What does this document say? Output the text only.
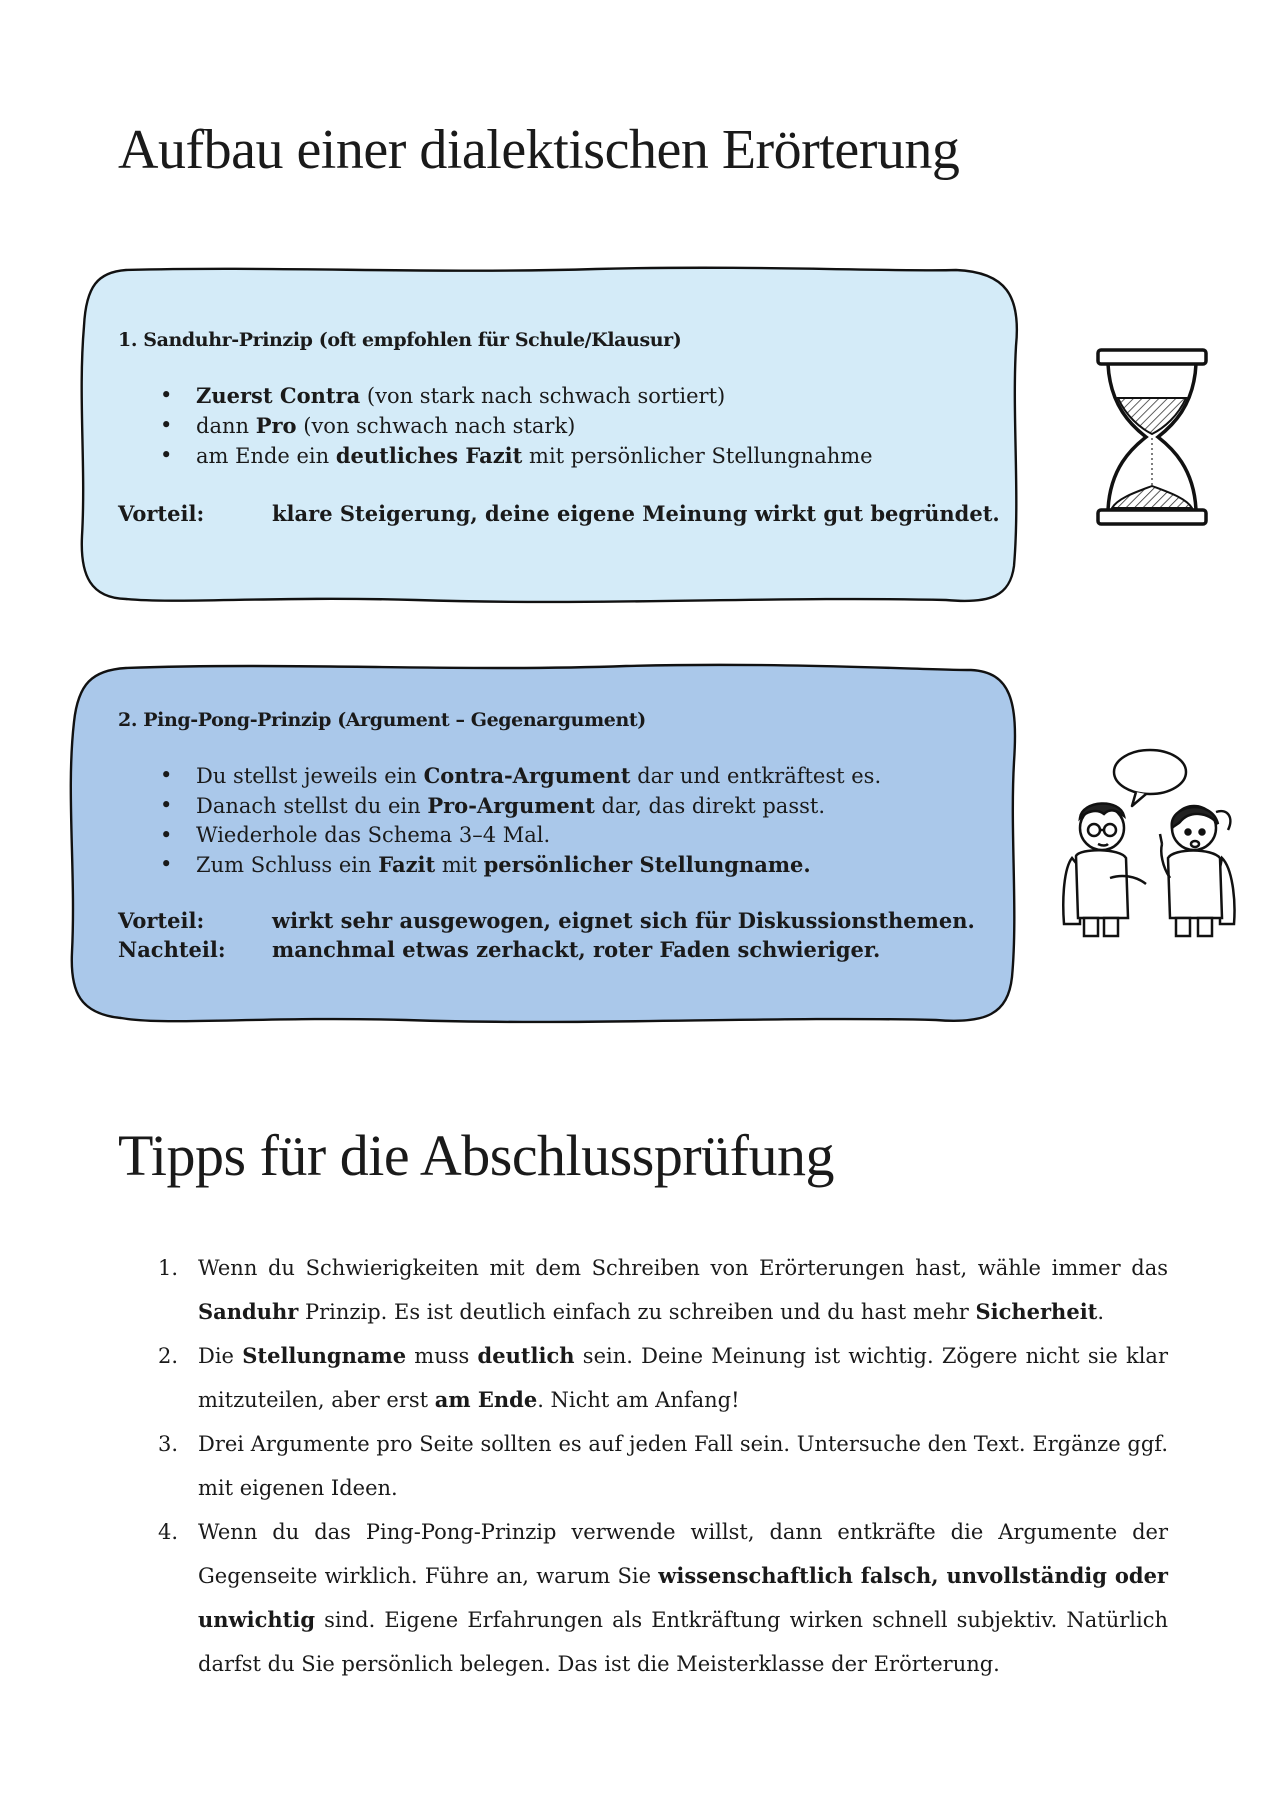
Aufbau einer dialektischen Erörterung
1. Sanduhr-Prinzip (oft empfohlen für Schule/Klausur)
• Zuerst Contra (von stark nach schwach sortiert)
• dann Pro (von schwach nach stark)
• am Ende ein deutliches Fazit mit persönlicher Stellungnahme
Vorteil:	klare Steigerung, deine eigene Meinung wirkt gut begründet.
2. Ping-Pong-Prinzip (Argument – Gegenargument)
• Du stellst jeweils ein Contra-Argument dar und entkräftest es.
• Danach stellst du ein Pro-Argument dar, das direkt passt.
• Wiederhole das Schema 3–4 Mal.
• Zum Schluss ein Fazit mit persönlicher Stellungname.
Vorteil:	wirkt sehr ausgewogen, eignet sich für Diskussionsthemen.
Nachteil:	manchmal etwas zerhackt, roter Faden schwieriger.
Tipps für die Abschlussprüfung
1. Wenn du Schwierigkeiten mit dem Schreiben von Erörterungen hast, wähle immer das Sanduhr Prinzip. Es ist deutlich einfach zu schreiben und du hast mehr Sicherheit.
2. Die Stellungname muss deutlich sein. Deine Meinung ist wichtig. Zögere nicht sie klar mitzuteilen, aber erst am Ende. Nicht am Anfang!
3. Drei Argumente pro Seite sollten es auf jeden Fall sein. Untersuche den Text. Ergänze ggf. mit eigenen Ideen.
4. Wenn du das Ping-Pong-Prinzip verwende willst, dann entkräfte die Argumente der Gegenseite wirklich. Führe an, warum Sie wissenschaftlich falsch, unvollständig oder unwichtig sind. Eigene Erfahrungen als Entkräftung wirken schnell subjektiv. Natürlich darfst du Sie persönlich belegen. Das ist die Meisterklasse der Erörterung.
